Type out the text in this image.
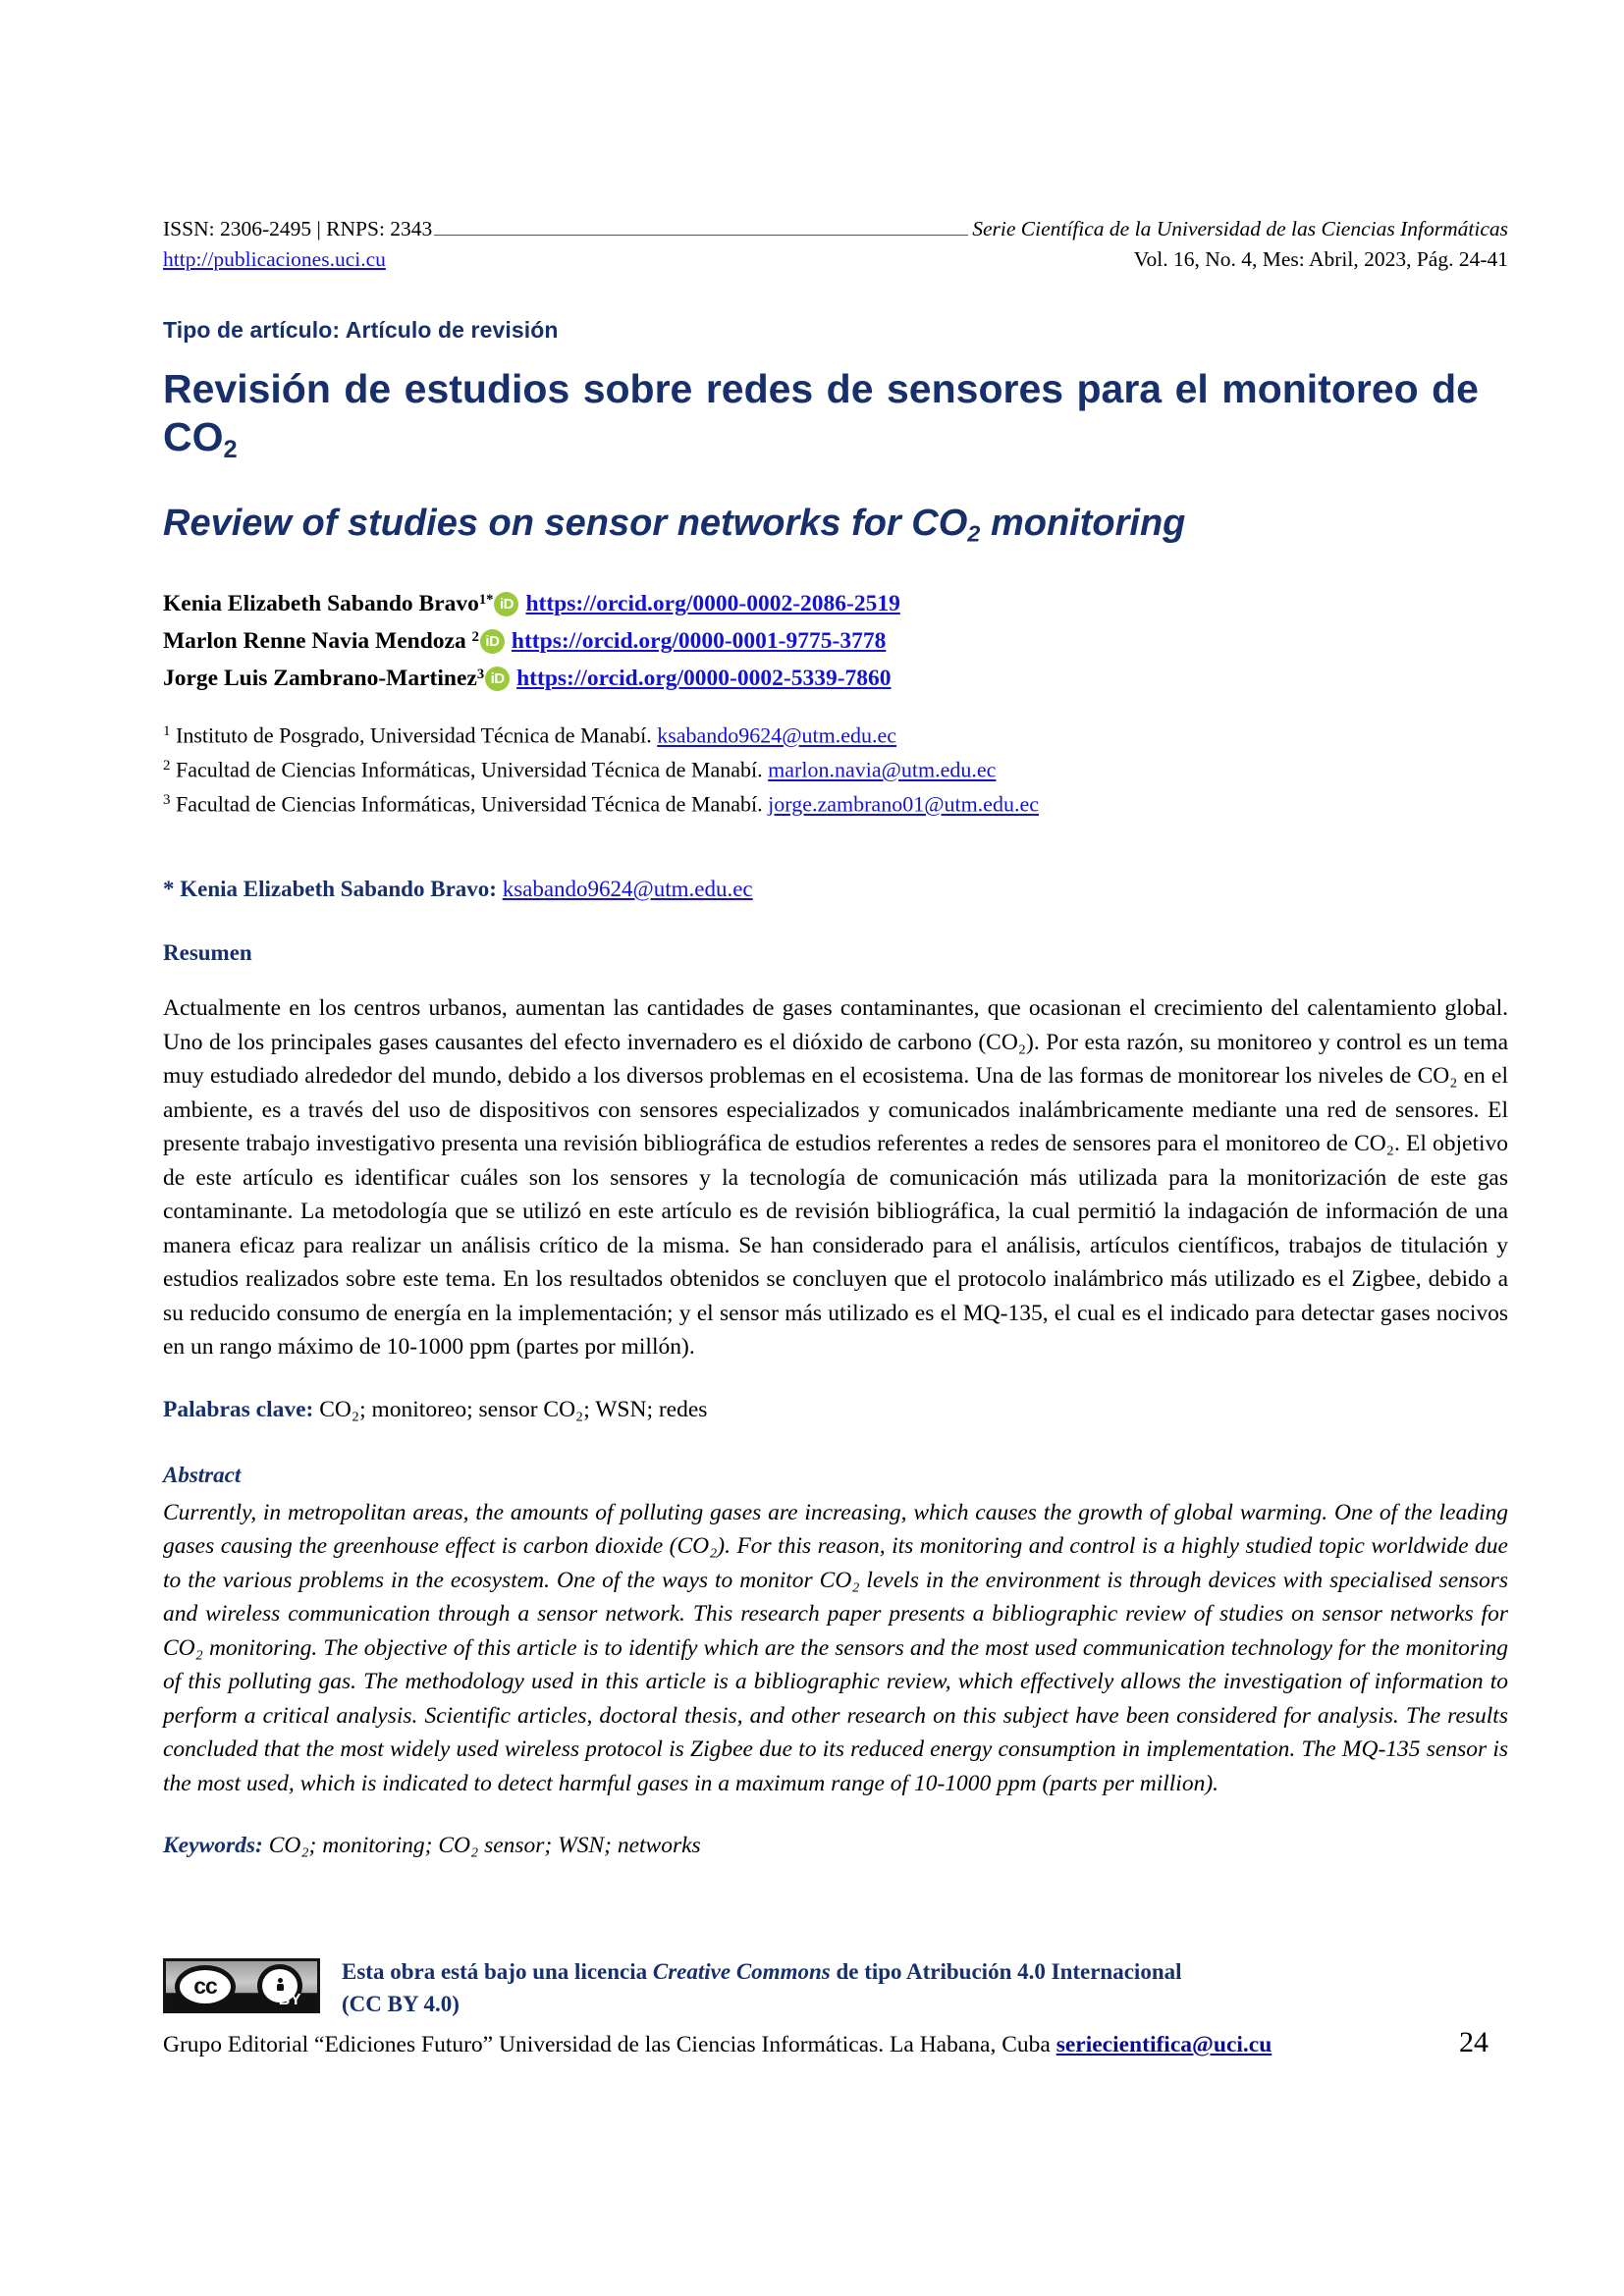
ISSN: 2306-2495 | RNPS: 2343	Serie Científica de la Universidad de las Ciencias Informáticas
http://publicaciones.uci.cu	Vol. 16, No. 4, Mes: Abril, 2023, Pág. 24-41
Tipo de artículo: Artículo de revisión
Revisión de estudios sobre redes de sensores para el monitoreo de $CO_2$
Review of studies on sensor networks for $CO_2$ monitoring
Kenia Elizabeth Sabando Bravo$^{1*}$ iD https://orcid.org/0000-0002-2086-2519
Marlon Renne Navia Mendoza $^2$ iD https://orcid.org/0000-0001-9775-3778
Jorge Luis Zambrano-Martinez$^3$ iD https://orcid.org/0000-0002-5339-7860
$^1$ Instituto de Posgrado, Universidad Técnica de Manabí. ksabando9624@utm.edu.ec
$^2$ Facultad de Ciencias Informáticas, Universidad Técnica de Manabí. marlon.navia@utm.edu.ec
$^3$ Facultad de Ciencias Informáticas, Universidad Técnica de Manabí. jorge.zambrano01@utm.edu.ec
* Kenia Elizabeth Sabando Bravo: ksabando9624@utm.edu.ec
Resumen

Actualmente en los centros urbanos, aumentan las cantidades de gases contaminantes, que ocasionan el crecimiento del calentamiento global. Uno de los principales gases causantes del efecto invernadero es el dióxido de carbono (CO₂). Por esta razón, su monitoreo y control es un tema muy estudiado alrededor del mundo, debido a los diversos problemas en el ecosistema. Una de las formas de monitorear los niveles de CO₂ en el ambiente, es a través del uso de dispositivos con sensores especializados y comunicados inalámbricamente mediante una red de sensores. El presente trabajo investigativo presenta una revisión bibliográfica de estudios referentes a redes de sensores para el monitoreo de CO₂. El objetivo de este artículo es identificar cuáles son los sensores y la tecnología de comunicación más utilizada para la monitorización de este gas contaminante. La metodología que se utilizó en este artículo es de revisión bibliográfica, la cual permitió la indagación de información de una manera eficaz para realizar un análisis crítico de la misma. Se han considerado para el análisis, artículos científicos, trabajos de titulación y estudios realizados sobre este tema. En los resultados obtenidos se concluyen que el protocolo inalámbrico más utilizado es el Zigbee, debido a su reducido consumo de energía en la implementación; y el sensor más utilizado es el MQ-135, el cual es el indicado para detectar gases nocivos en un rango máximo de 10-1000 ppm (partes por millón).

Palabras clave: CO₂; monitoreo; sensor CO₂; WSN; redes
Abstract

Currently, in metropolitan areas, the amounts of polluting gases are increasing, which causes the growth of global warming. One of the leading gases causing the greenhouse effect is carbon dioxide (CO₂). For this reason, its monitoring and control is a highly studied topic worldwide due to the various problems in the ecosystem. One of the ways to monitor CO₂ levels in the environment is through devices with specialised sensors and wireless communication through a sensor network. This research paper presents a bibliographic review of studies on sensor networks for CO₂ monitoring. The objective of this article is to identify which are the sensors and the most used communication technology for the monitoring of this polluting gas. The methodology used in this article is a bibliographic review, which effectively allows the investigation of information to perform a critical analysis. Scientific articles, doctoral thesis, and other research on this subject have been considered for analysis. The results concluded that the most widely used wireless protocol is Zigbee due to its reduced energy consumption in implementation. The MQ-135 sensor is the most used, which is indicated to detect harmful gases in a maximum range of 10-1000 ppm (parts per million).

Keywords: CO₂; monitoring; CO₂ sensor; WSN; networks
cc
BY
Esta obra está bajo una licencia Creative Commons de tipo Atribución 4.0 Internacional
(CC BY 4.0)
Grupo Editorial “Ediciones Futuro” Universidad de las Ciencias Informáticas. La Habana, Cuba seriecientifica@uci.cu	24
